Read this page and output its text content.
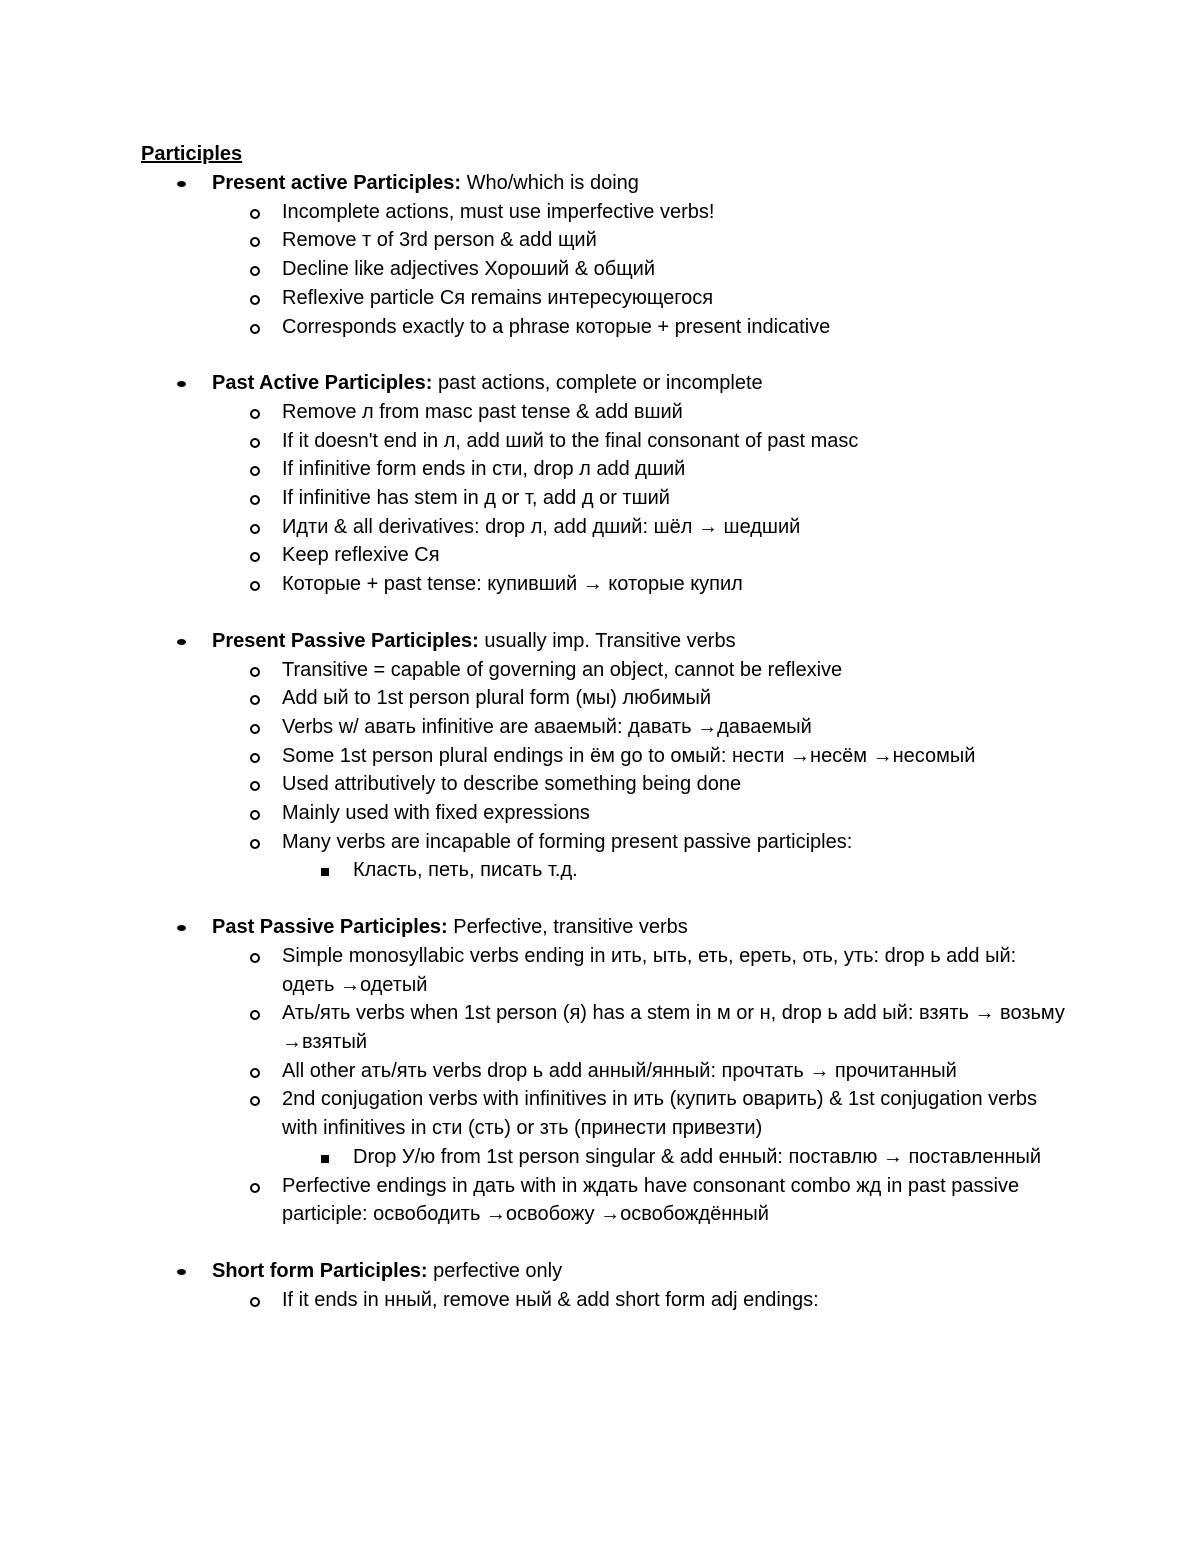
Participles
Present active Participles: Who/which is doing
Incomplete actions, must use imperfective verbs!
Remove т of 3rd person & add щий
Decline like adjectives Хороший & общий
Reflexive particle Ся remains интересующегося
Corresponds exactly to a phrase которые + present indicative
Past Active Participles: past actions, complete or incomplete
Remove л from masc past tense & add вший
If it doesn't end in л, add ший to the final consonant of past masc
If infinitive form ends in сти, drop л add дший
If infinitive has stem in д or т, add д or тший
Идти & all derivatives: drop л, add дший: шёл → шедший
Keep reflexive Ся
Которые + past tense: купивший → которые купил
Present Passive Participles: usually imp. Transitive verbs
Transitive = capable of governing an object, cannot be reflexive
Add ый to 1st person plural form (мы) любимый
Verbs w/ авать infinitive are аваемый: давать →даваемый
Some 1st person plural endings in ём go to омый: нести →несём →несомый
Used attributively to describe something being done
Mainly used with fixed expressions
Many verbs are incapable of forming present passive participles:
Класть, петь, писать т.д.
Past Passive Participles: Perfective, transitive verbs
Simple monosyllabic verbs ending in ить, ыть, еть, ереть, оть, уть: drop ь add ый: одеть →одетый
Ать/ять verbs when 1st person (я) has a stem in м or н, drop ь add ый: взять → возьму →взятый
All other ать/ять verbs drop ь add анный/янный: прочтать → прочитанный
2nd conjugation verbs with infinitives in ить (купить оварить) & 1st conjugation verbs with infinitives in сти (сть) or зть (принести привезти)
Drop У/ю from 1st person singular & add енный: поставлю → поставленный
Perfective endings in дать with in ждать have consonant combo жд in past passive participle: освободить →освобожу →освобождённый
Short form Participles: perfective only
If it ends in нный, remove ный & add short form adj endings:
